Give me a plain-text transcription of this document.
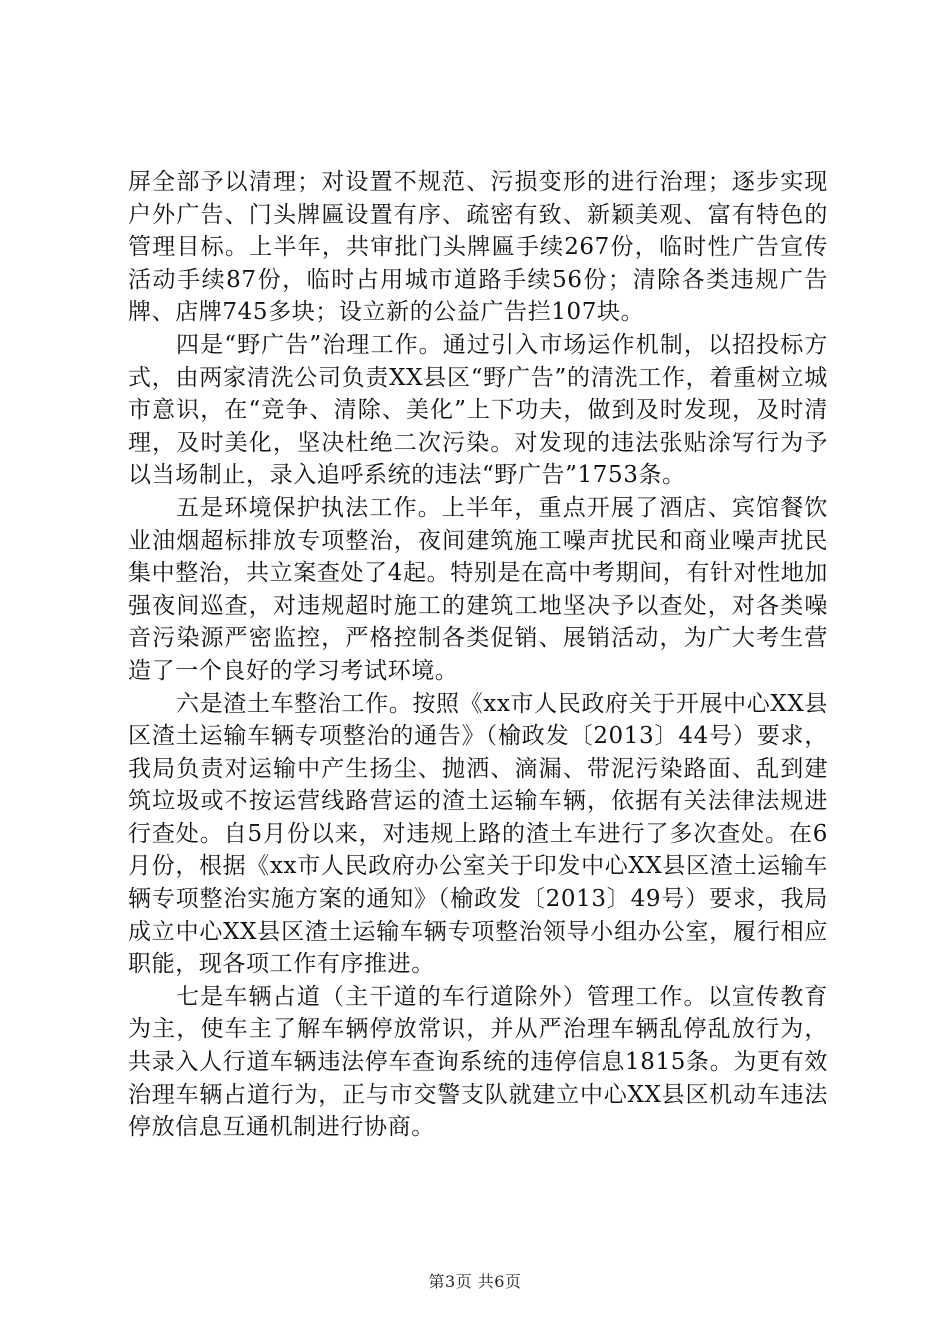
屏全部予以清理；对设置不规范、污损变形的进行治理；逐步实现户外广告、门头牌匾设置有序、疏密有致、新颖美观、富有特色的管理目标。上半年，共审批门头牌匾手续267份，临时性广告宣传活动手续87份，临时占用城市道路手续56份；清除各类违规广告牌、店牌745多块；设立新的公益广告拦107块。

四是“野广告”治理工作。通过引入市场运作机制，以招投标方式，由两家清洗公司负责XX县区“野广告”的清洗工作，着重树立城市意识，在“竞争、清除、美化”上下功夫，做到及时发现，及时清理，及时美化，坚决杜绝二次污染。对发现的违法张贴涂写行为予以当场制止，录入追呼系统的违法“野广告”1753条。

五是环境保护执法工作。上半年，重点开展了酒店、宾馆餐饮业油烟超标排放专项整治，夜间建筑施工噪声扰民和商业噪声扰民集中整治，共立案查处了4起。特别是在高中考期间，有针对性地加强夜间巡查，对违规超时施工的建筑工地坚决予以查处，对各类噪音污染源严密监控，严格控制各类促销、展销活动，为广大考生营造了一个良好的学习考试环境。

六是渣土车整治工作。按照《xx市人民政府关于开展中心XX县区渣土运输车辆专项整治的通告》（榆政发〔2013〕44号）要求，我局负责对运输中产生扬尘、抛洒、滴漏、带泥污染路面、乱到建筑垃圾或不按运营线路营运的渣土运输车辆，依据有关法律法规进行查处。自5月份以来，对违规上路的渣土车进行了多次查处。在6月份，根据《xx市人民政府办公室关于印发中心XX县区渣土运输车辆专项整治实施方案的通知》（榆政发〔2013〕49号）要求，我局成立中心XX县区渣土运输车辆专项整治领导小组办公室，履行相应职能，现各项工作有序推进。

七是车辆占道（主干道的车行道除外）管理工作。以宣传教育为主，使车主了解车辆停放常识，并从严治理车辆乱停乱放行为，共录入人行道车辆违法停车查询系统的违停信息1815条。为更有效治理车辆占道行为，正与市交警支队就建立中心XX县区机动车违法停放信息互通机制进行协商。

第3页 共6页
